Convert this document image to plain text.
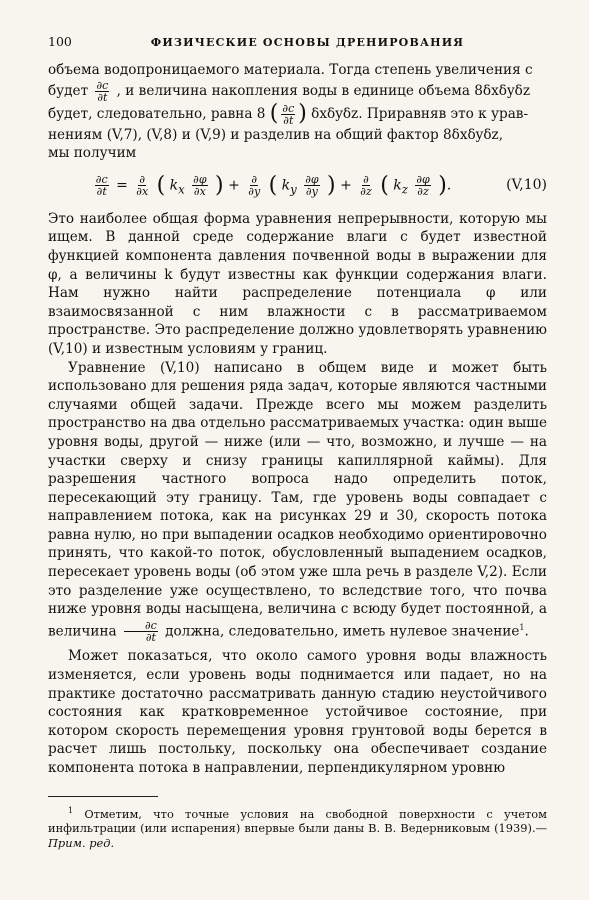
100	ФИЗИЧЕСКИЕ ОСНОВЫ ДРЕНИРОВАНИЯ

объема водопроницаемого материала. Тогда степень увеличения c
будет $\frac{\partial c}{\partial t}$ , и величина накопления воды в единице объема 8δxδyδz
будет, следовательно, равна 8 ( $\frac{\partial c}{\partial t}$ ) δxδyδz. Приравняв это к урав-
нениям (V,7), (V,8) и (V,9) и разделив на общий фактор 8δxδyδz,
мы получим

$\frac{\partial c}{\partial t} = \frac{\partial}{\partial x}$ ( $k_x \frac{\partial\varphi}{\partial x}$ ) + $\frac{\partial}{\partial y}$ ( $k_y \frac{\partial\varphi}{\partial y}$ ) + $\frac{\partial}{\partial z}$ ( $k_z \frac{\partial\varphi}{\partial z}$ ).	(V,10)

Это наиболее общая форма уравнения непрерывности, которую мы ищем. В данной среде содержание влаги c будет известной функцией компонента давления почвенной воды в выражении для φ, а величины k будут известны как функции содержания влаги. Нам нужно найти распределение потенциала φ или взаимосвязанной с ним влажности c в рассматриваемом пространстве. Это распределение должно удовлетворять уравнению (V,10) и известным условиям у границ.

Уравнение (V,10) написано в общем виде и может быть использовано для решения ряда задач, которые являются частными случаями общей задачи. Прежде всего мы можем разделить пространство на два отдельно рассматриваемых участка: один выше уровня воды, другой — ниже (или — что, возможно, и лучше — на участки сверху и снизу границы капиллярной каймы). Для разрешения частного вопроса надо определить поток, пересекающий эту границу. Там, где уровень воды совпадает с направлением потока, как на рисунках 29 и 30, скорость потока равна нулю, но при выпадении осадков необходимо ориентировочно принять, что какой-то поток, обусловленный выпадением осадков, пересекает уровень воды (об этом уже шла речь в разделе V,2). Если это разделение уже осуществлено, то вследствие того, что почва ниже уровня воды насыщена, величина c всюду будет постоянной, а величина $\frac{\partial c}{\partial t}$ должна, следовательно, иметь нулевое значение$^1$.

Может показаться, что около самого уровня воды влажность изменяется, если уровень воды поднимается или падает, но на практике достаточно рассматривать данную стадию неустойчивого состояния как кратковременное устойчивое состояние, при котором скорость перемещения уровня грунтовой воды берется в расчет лишь постольку, поскольку она обеспечивает создание компонента потока в направлении, перпендикулярном уровню

$^1$ Отметим, что точные условия на свободной поверхности с учетом инфильтрации (или испарения) впервые были даны В. В. Ведерниковым (1939).— Прим. ред.
